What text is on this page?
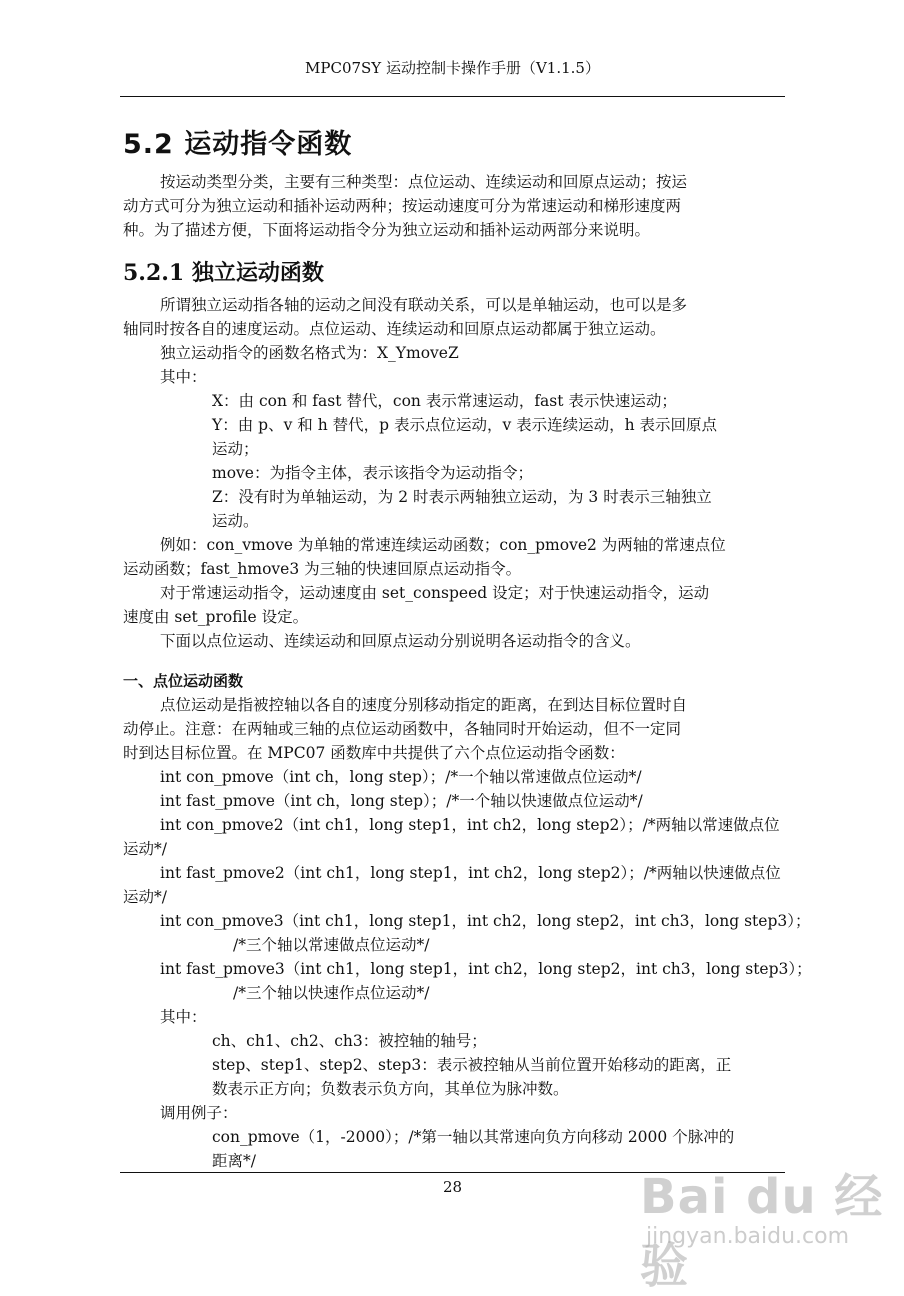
MPC07SY 运动控制卡操作手册（V1.1.5）
5.2 运动指令函数
按运动类型分类，主要有三种类型：点位运动、连续运动和回原点运动；按运
动方式可分为独立运动和插补运动两种；按运动速度可分为常速运动和梯形速度两
种。为了描述方便，下面将运动指令分为独立运动和插补运动两部分来说明。
5.2.1 独立运动函数
所谓独立运动指各轴的运动之间没有联动关系，可以是单轴运动，也可以是多
轴同时按各自的速度运动。点位运动、连续运动和回原点运动都属于独立运动。
独立运动指令的函数名格式为：X_YmoveZ
其中：
X：由 con 和 fast 替代，con 表示常速运动，fast 表示快速运动；
Y：由 p、v 和 h 替代，p 表示点位运动，v 表示连续运动，h 表示回原点
运动；
move：为指令主体，表示该指令为运动指令；
Z：没有时为单轴运动，为 2 时表示两轴独立运动，为 3 时表示三轴独立
运动。
例如：con_vmove 为单轴的常速连续运动函数；con_pmove2 为两轴的常速点位
运动函数；fast_hmove3 为三轴的快速回原点运动指令。
对于常速运动指令，运动速度由 set_conspeed 设定；对于快速运动指令，运动
速度由 set_profile 设定。
下面以点位运动、连续运动和回原点运动分别说明各运动指令的含义。
一、点位运动函数
点位运动是指被控轴以各自的速度分别移动指定的距离，在到达目标位置时自
动停止。注意：在两轴或三轴的点位运动函数中，各轴同时开始运动，但不一定同
时到达目标位置。在 MPC07 函数库中共提供了六个点位运动指令函数：
int con_pmove（int ch，long step）；/*一个轴以常速做点位运动*/
int fast_pmove（int ch，long step）；/*一个轴以快速做点位运动*/
int con_pmove2（int ch1，long step1，int ch2，long step2）；/*两轴以常速做点位
运动*/
int fast_pmove2（int ch1，long step1，int ch2，long step2）；/*两轴以快速做点位
运动*/
int con_pmove3（int ch1，long step1，int ch2，long step2，int ch3，long step3）；
/*三个轴以常速做点位运动*/
int fast_pmove3（int ch1，long step1，int ch2，long step2，int ch3，long step3）；
/*三个轴以快速作点位运动*/
其中：
ch、ch1、ch2、ch3：被控轴的轴号；
step、step1、step2、step3：表示被控轴从当前位置开始移动的距离，正
数表示正方向；负数表示负方向，其单位为脉冲数。
调用例子：
con_pmove（1，-2000）；/*第一轴以其常速向负方向移动 2000 个脉冲的
距离*/
28	Bai du 经验
jingyan.baidu.com
